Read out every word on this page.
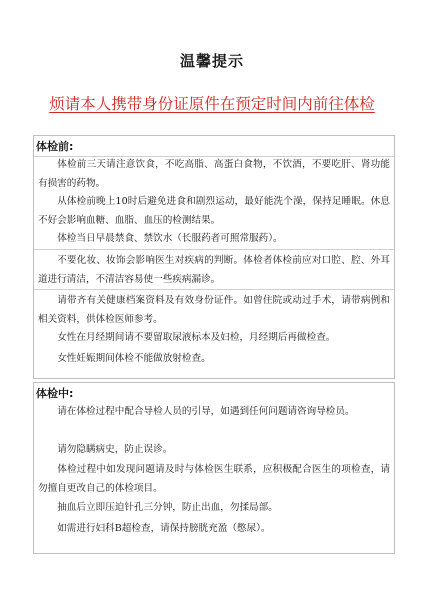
温馨提示
烦请本人携带身份证原件在预定时间内前往体检
体检前:

体检前三天请注意饮食，不吃高脂、高蛋白食物，不饮酒，不要吃肝、肾功能有损害的药物。

从体检前晚上10时后避免进食和剧烈运动，最好能洗个澡，保持足睡眠。休息不好会影响血糖、血脂、血压的检测结果。

体检当日早晨禁食、禁饮水（长服药者可照常服药）。

不要化妆、妆饰会影响医生对疾病的判断。体检者体检前应对口腔、腔、外耳道进行清洁，不清洁容易使一些疾病漏诊。

请带齐有关健康档案资料及有效身份证件。如曾住院或动过手术，请带病例和相关资料，供体检医师参考。

女性在月经期间请不要留取尿液标本及妇检，月经期后再做检查。

女性妊娠期间体检不能做放射检查。

体检中:

请在体检过程中配合导检人员的引导，如遇到任何问题请咨询导检员。

请勿隐瞒病史，防止误诊。

体检过程中如发现问题请及时与体检医生联系，应积极配合医生的项检查，请勿擅自更改自己的体检项目。

抽血后立即压迫针孔三分钟，防止出血，勿揉局部。

如需进行妇科B超检查，请保持膀胱充盈（憋尿）。
